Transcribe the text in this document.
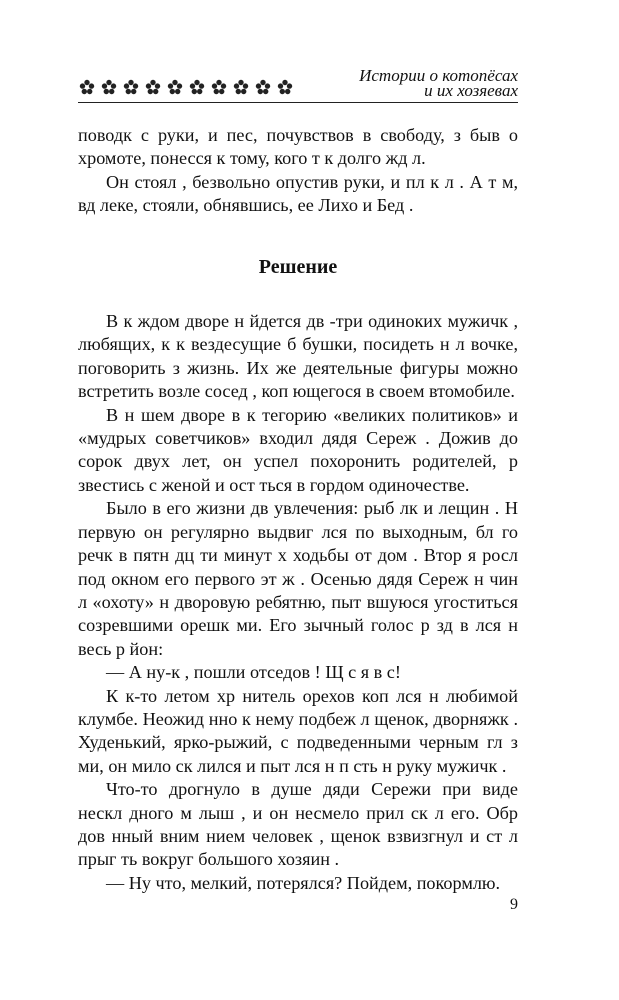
Истории о котопёсах
и их хозяевах

поводк с руки, и пес, почувствов в свободу, з быв о хромоте, понесся к тому, кого т к долго жд л.

Он стоял , безвольно опустив руки, и пл к л . А т м, вд леке, стояли, обнявшись, ее Лихо и Бед .

Решение

В к ждом дворе н йдется дв -три одиноких мужичк , любящих, к к вездесущие б бушки, посидеть н л вочке, поговорить з жизнь. Их же деятельные фигуры можно встретить возле сосед , коп ющегося в своем втомобиле.

В н шем дворе в к тегорию «великих политиков» и «мудрых советчиков» входил дядя Сереж . Дожив до сорок двух лет, он успел похоронить родителей, р звестись с женой и ост ться в гордом одиночестве.

Было в его жизни дв увлечения: рыб лк и лещин . Н первую он регулярно выдвиг лся по выходным, бл го речк в пятн дц ти минут х ходьбы от дом . Втор я росл под окном его первого эт ж . Осенью дядя Сереж н чин л «охоту» н дворовую ребятню, пыт вшуюся угоститься созревшими орешк ми. Его зычный голос р зд в лся н весь р йон:

— А ну-к , пошли отседов ! Щ с я в с!

К к-то летом хр нитель орехов коп лся н любимой клумбе. Неожид нно к нему подбеж л щенок, дворняжк . Худенький, ярко-рыжий, с подведенными черным гл з ми, он мило ск лился и пыт лся н п сть н руку мужичк .

Что-то дрогнуло в душе дяди Сережи при виде нескл дного м лыш , и он несмело прил ск л его. Обр дов нный вним нием человек , щенок взвизгнул и ст л прыг ть вокруг большого хозяин .

— Ну что, мелкий, потерялся? Пойдем, покормлю.

9
